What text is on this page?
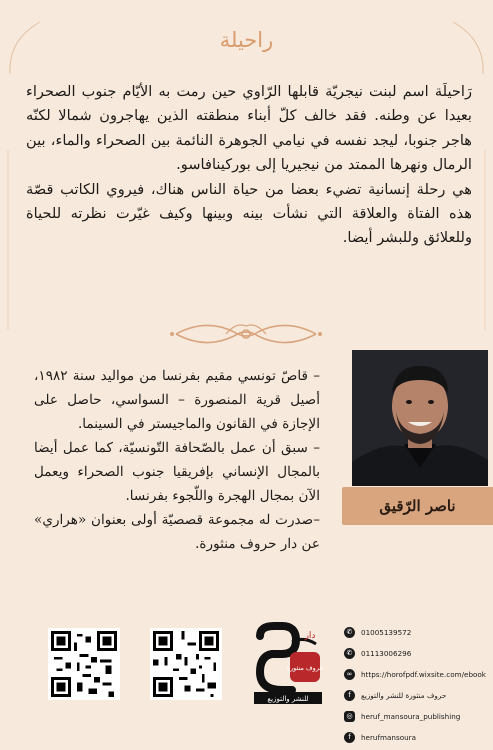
راحيلة

رَاحيلَة اسم لبنت نيجريّة قابلها الرّاوي حين رمت به الأيّام جنوب الصحراء بعيدا عن وطنه. فقد خالف كلّ أبناء منطقته الذين يهاجرون شمالا لكنّه هاجر جنوبا، ليجد نفسه في نيامي الجوهرة النائمة بين الصحراء والماء، بين الرمال ونهرها الممتد من نيجيريا إلى بوركينافاسو.

هي رحلة إنسانية تضيء بعضا من حياة الناس هناك، فيروي الكاتب قصّة هذه الفتاة والعلاقة التي نشأت بينه وبينها وكيف غيّرت نظرته للحياة وللعلائق وللبشر أيضا.

– قاصّ تونسي مقيم بفرنسا من مواليد سنة ١٩٨٢، أصيل قرية المنصورة – السواسي، حاصل على الإجازة في القانون والماجيستر في السينما.

– سبق أن عمل بالصّحافة التّونسيّة، كما عمل أيضا بالمجال الإنساني بإفريقيا جنوب الصحراء ويعمل الآن بمجال الهجرة واللّجوء بفرنسا.

–صدرت له مجموعة قصصيّة أولى بعنوان «هراري» عن دار حروف منثورة.

ناصر الرّقيق
دار
حروف منثورة
للنشر والتوزيع
✆	01005139572
✆	01113006296
∞	https://horofpdf.wixsite.com/ebook
f	حروف منثورة للنشر والتوزيع
◎	heruf_mansoura_publishing
f	herufmansoura
